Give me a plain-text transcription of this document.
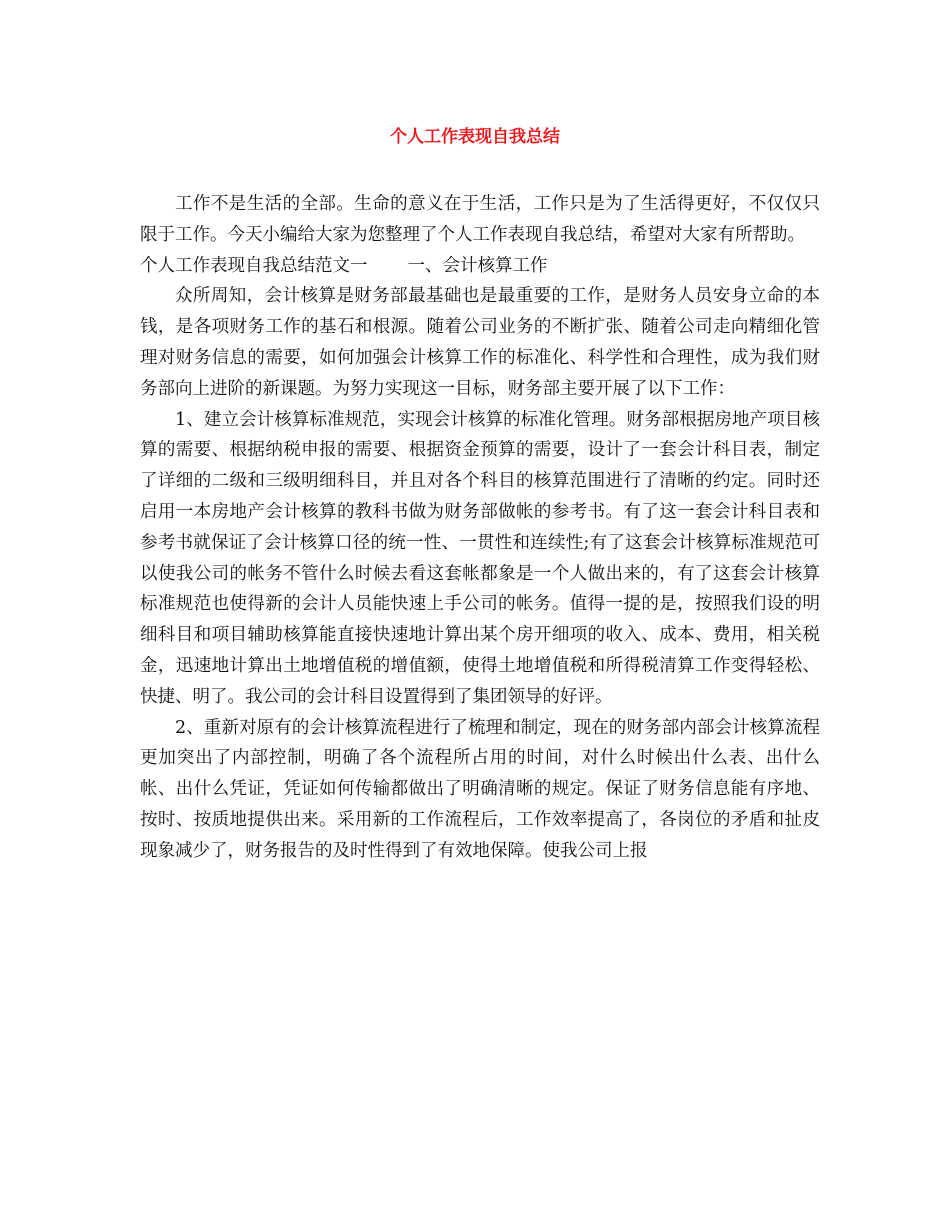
个人工作表现自我总结

工作不是生活的全部。生命的意义在于生活，工作只是为了生活得更好，不仅仅只限于工作。今天小编给大家为您整理了个人工作表现自我总结，希望对大家有所帮助。

个人工作表现自我总结范文一 一、会计核算工作

众所周知，会计核算是财务部最基础也是最重要的工作，是财务人员安身立命的本钱，是各项财务工作的基石和根源。随着公司业务的不断扩张、随着公司走向精细化管理对财务信息的需要，如何加强会计核算工作的标准化、科学性和合理性，成为我们财务部向上进阶的新课题。为努力实现这一目标，财务部主要开展了以下工作：

1、建立会计核算标准规范，实现会计核算的标准化管理。财务部根据房地产项目核算的需要、根据纳税申报的需要、根据资金预算的需要，设计了一套会计科目表，制定了详细的二级和三级明细科目，并且对各个科目的核算范围进行了清晰的约定。同时还启用一本房地产会计核算的教科书做为财务部做帐的参考书。有了这一套会计科目表和参考书就保证了会计核算口径的统一性、一贯性和连续性;有了这套会计核算标准规范可以使我公司的帐务不管什么时候去看这套帐都象是一个人做出来的，有了这套会计核算标准规范也使得新的会计人员能快速上手公司的帐务。值得一提的是，按照我们设的明细科目和项目辅助核算能直接快速地计算出某个房开细项的收入、成本、费用，相关税金，迅速地计算出土地增值税的增值额，使得土地增值税和所得税清算工作变得轻松、快捷、明了。我公司的会计科目设置得到了集团领导的好评。

2、重新对原有的会计核算流程进行了梳理和制定，现在的财务部内部会计核算流程更加突出了内部控制，明确了各个流程所占用的时间，对什么时候出什么表、出什么帐、出什么凭证，凭证如何传输都做出了明确清晰的规定。保证了财务信息能有序地、按时、按质地提供出来。采用新的工作流程后，工作效率提高了，各岗位的矛盾和扯皮现象减少了，财务报告的及时性得到了有效地保障。使我公司上报
